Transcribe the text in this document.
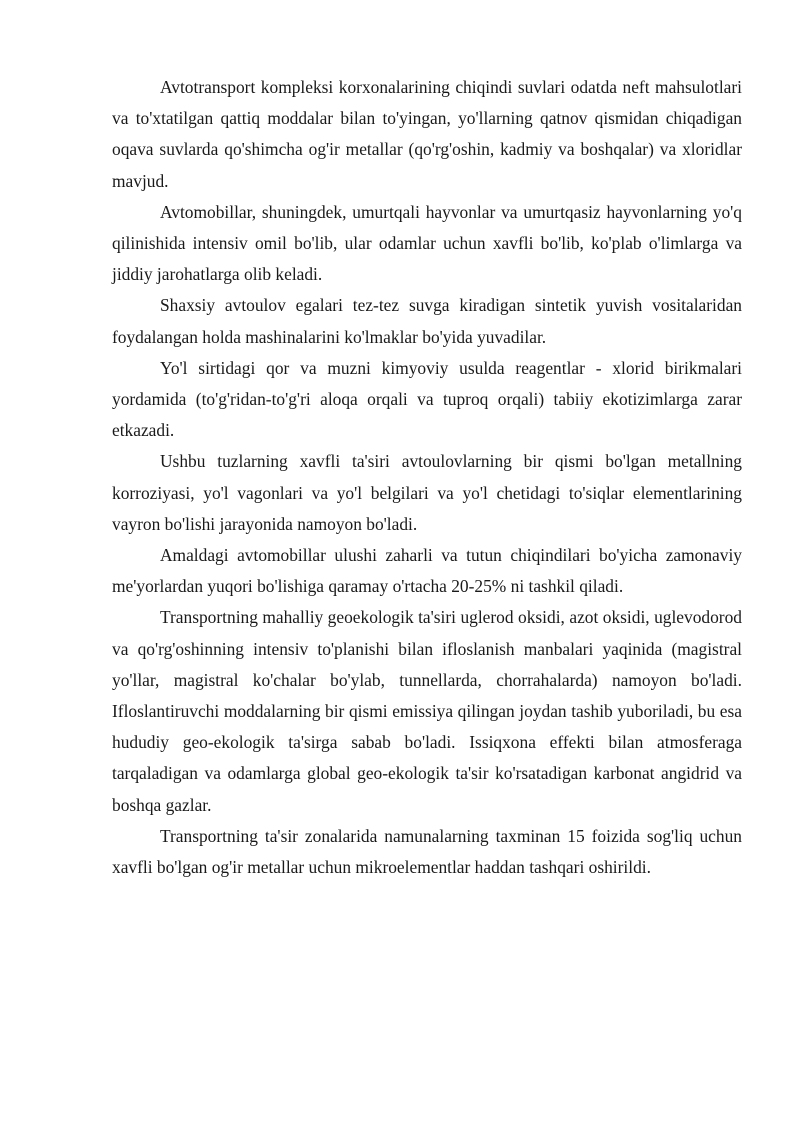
Avtotransport kompleksi korxonalarining chiqindi suvlari odatda neft mahsulotlari va to'xtatilgan qattiq moddalar bilan to'yingan, yo'llarning qatnov qismidan chiqadigan oqava suvlarda qo'shimcha og'ir metallar (qo'rg'oshin, kadmiy va boshqalar) va xloridlar mavjud.

Avtomobillar, shuningdek, umurtqali hayvonlar va umurtqasiz hayvonlarning yo'q qilinishida intensiv omil bo'lib, ular odamlar uchun xavfli bo'lib, ko'plab o'limlarga va jiddiy jarohatlarga olib keladi.

Shaxsiy avtoulov egalari tez-tez suvga kiradigan sintetik yuvish vositalaridan foydalangan holda mashinalarini ko'lmaklar bo'yida yuvadilar.

Yo'l sirtidagi qor va muzni kimyoviy usulda reagentlar - xlorid birikmalari yordamida (to'g'ridan-to'g'ri aloqa orqali va tuproq orqali) tabiiy ekotizimlarga zarar etkazadi.

Ushbu tuzlarning xavfli ta'siri avtoulovlarning bir qismi bo'lgan metallning korroziyasi, yo'l vagonlari va yo'l belgilari va yo'l chetidagi to'siqlar elementlarining vayron bo'lishi jarayonida namoyon bo'ladi.

Amaldagi avtomobillar ulushi zaharli va tutun chiqindilari bo'yicha zamonaviy me'yorlardan yuqori bo'lishiga qaramay o'rtacha 20-25% ni tashkil qiladi.

Transportning mahalliy geoekologik ta'siri uglerod oksidi, azot oksidi, uglevodorod va qo'rg'oshinning intensiv to'planishi bilan ifloslanish manbalari yaqinida (magistral yo'llar, magistral ko'chalar bo'ylab, tunnellarda, chorrahalarda) namoyon bo'ladi. Ifloslantiruvchi moddalarning bir qismi emissiya qilingan joydan tashib yuboriladi, bu esa hududiy geo-ekologik ta'sirga sabab bo'ladi. Issiqxona effekti bilan atmosferaga tarqaladigan va odamlarga global geo-ekologik ta'sir ko'rsatadigan karbonat angidrid va boshqa gazlar.

Transportning ta'sir zonalarida namunalarning taxminan 15 foizida sog'liq uchun xavfli bo'lgan og'ir metallar uchun mikroelementlar haddan tashqari oshirildi.
